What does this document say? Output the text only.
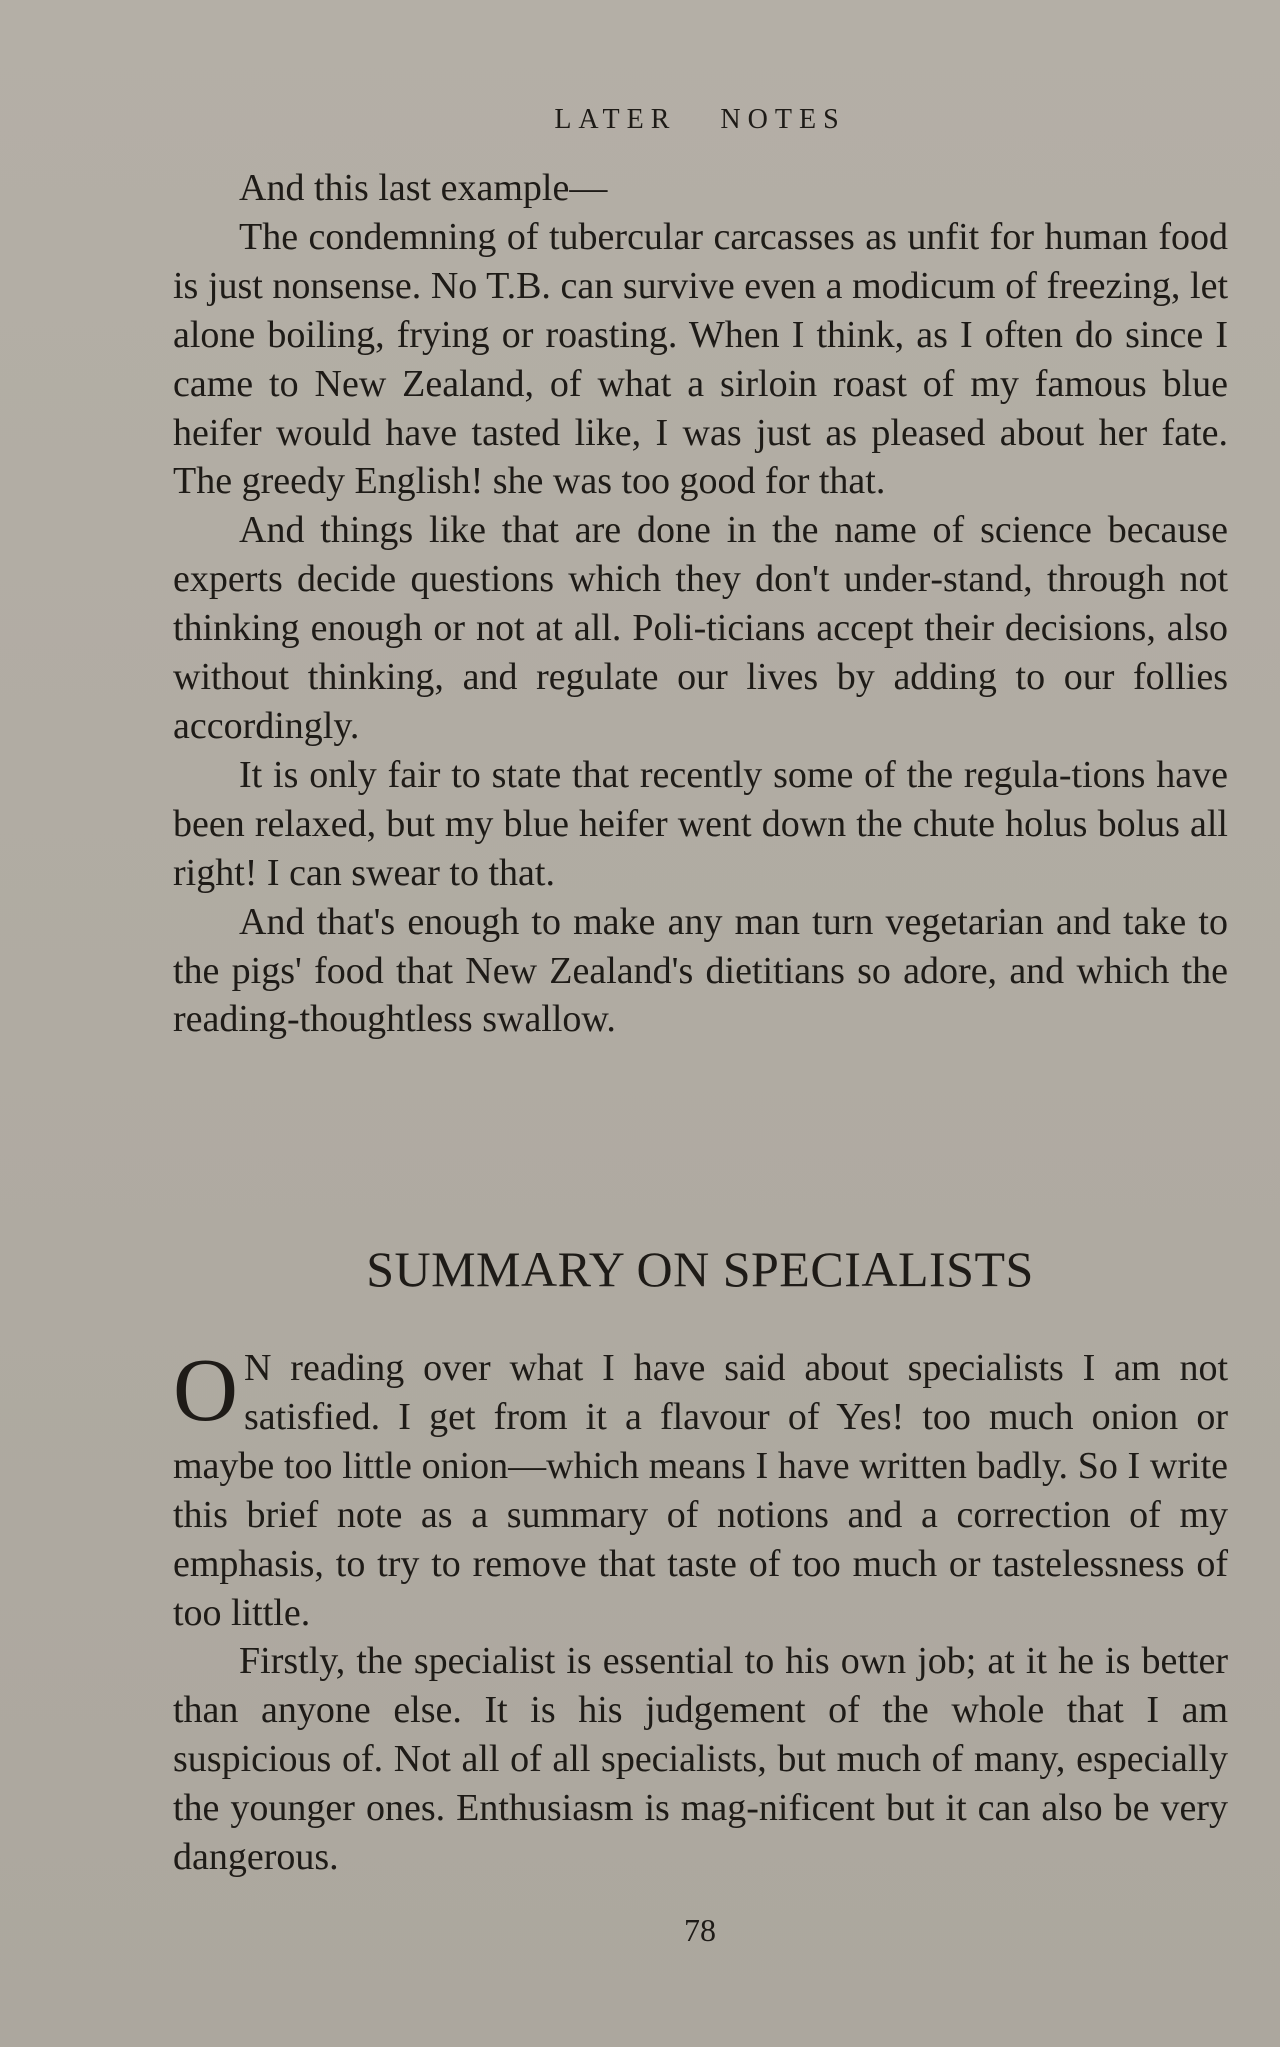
LATER NOTES

And this last example—

The condemning of tubercular carcasses as unfit for human food is just nonsense. No T.B. can survive even a modicum of freezing, let alone boiling, frying or roasting. When I think, as I often do since I came to New Zealand, of what a sirloin roast of my famous blue heifer would have tasted like, I was just as pleased about her fate. The greedy English! she was too good for that.

And things like that are done in the name of science because experts decide questions which they don't under‑stand, through not thinking enough or not at all. Poli‑ticians accept their decisions, also without thinking, and regulate our lives by adding to our follies accordingly.

It is only fair to state that recently some of the regula‑tions have been relaxed, but my blue heifer went down the chute holus bolus all right! I can swear to that.

And that's enough to make any man turn vegetarian and take to the pigs' food that New Zealand's dietitians so adore, and which the reading‑thoughtless swallow.

SUMMARY ON SPECIALISTS

O N reading over what I have said about specialists I am not satisfied. I get from it a flavour of Yes! too much onion or maybe too little onion—which means I have written badly. So I write this brief note as a summary of notions and a correction of my emphasis, to try to remove that taste of too much or tastelessness of too little.

Firstly, the specialist is essential to his own job; at it he is better than anyone else. It is his judgement of the whole that I am suspicious of. Not all of all specialists, but much of many, especially the younger ones. Enthusiasm is mag‑nificent but it can also be very dangerous.

78
